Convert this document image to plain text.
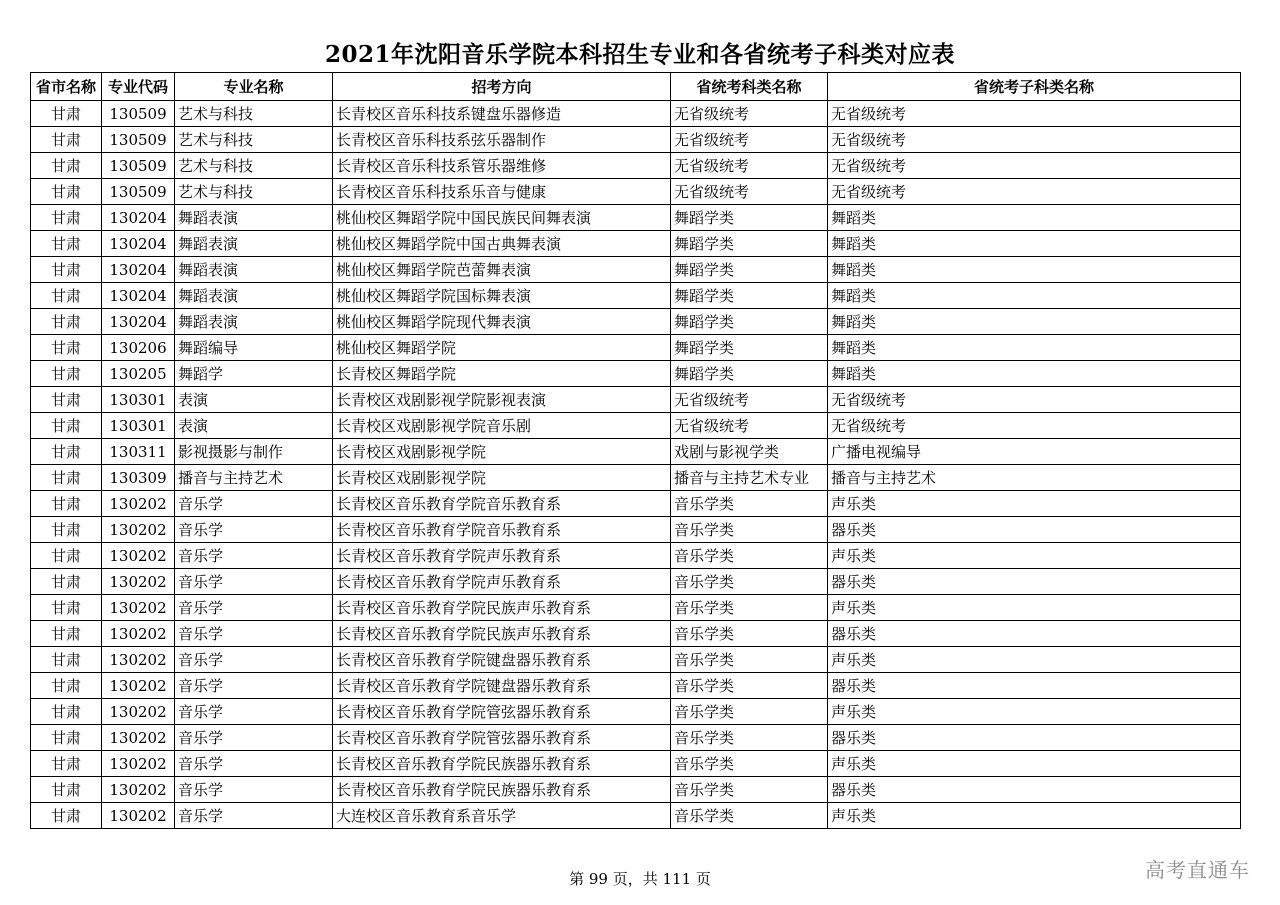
2021年沈阳音乐学院本科招生专业和各省统考子科类对应表
省市名称	专业代码	专业名称	招考方向	省统考科类名称	省统考子科类名称
甘肃	130509	艺术与科技	长青校区音乐科技系键盘乐器修造	无省级统考	无省级统考
甘肃	130509	艺术与科技	长青校区音乐科技系弦乐器制作	无省级统考	无省级统考
甘肃	130509	艺术与科技	长青校区音乐科技系管乐器维修	无省级统考	无省级统考
甘肃	130509	艺术与科技	长青校区音乐科技系乐音与健康	无省级统考	无省级统考
甘肃	130204	舞蹈表演	桃仙校区舞蹈学院中国民族民间舞表演	舞蹈学类	舞蹈类
甘肃	130204	舞蹈表演	桃仙校区舞蹈学院中国古典舞表演	舞蹈学类	舞蹈类
甘肃	130204	舞蹈表演	桃仙校区舞蹈学院芭蕾舞表演	舞蹈学类	舞蹈类
甘肃	130204	舞蹈表演	桃仙校区舞蹈学院国标舞表演	舞蹈学类	舞蹈类
甘肃	130204	舞蹈表演	桃仙校区舞蹈学院现代舞表演	舞蹈学类	舞蹈类
甘肃	130206	舞蹈编导	桃仙校区舞蹈学院	舞蹈学类	舞蹈类
甘肃	130205	舞蹈学	长青校区舞蹈学院	舞蹈学类	舞蹈类
甘肃	130301	表演	长青校区戏剧影视学院影视表演	无省级统考	无省级统考
甘肃	130301	表演	长青校区戏剧影视学院音乐剧	无省级统考	无省级统考
甘肃	130311	影视摄影与制作	长青校区戏剧影视学院	戏剧与影视学类	广播电视编导
甘肃	130309	播音与主持艺术	长青校区戏剧影视学院	播音与主持艺术专业	播音与主持艺术
甘肃	130202	音乐学	长青校区音乐教育学院音乐教育系	音乐学类	声乐类
甘肃	130202	音乐学	长青校区音乐教育学院音乐教育系	音乐学类	器乐类
甘肃	130202	音乐学	长青校区音乐教育学院声乐教育系	音乐学类	声乐类
甘肃	130202	音乐学	长青校区音乐教育学院声乐教育系	音乐学类	器乐类
甘肃	130202	音乐学	长青校区音乐教育学院民族声乐教育系	音乐学类	声乐类
甘肃	130202	音乐学	长青校区音乐教育学院民族声乐教育系	音乐学类	器乐类
甘肃	130202	音乐学	长青校区音乐教育学院键盘器乐教育系	音乐学类	声乐类
甘肃	130202	音乐学	长青校区音乐教育学院键盘器乐教育系	音乐学类	器乐类
甘肃	130202	音乐学	长青校区音乐教育学院管弦器乐教育系	音乐学类	声乐类
甘肃	130202	音乐学	长青校区音乐教育学院管弦器乐教育系	音乐学类	器乐类
甘肃	130202	音乐学	长青校区音乐教育学院民族器乐教育系	音乐学类	声乐类
甘肃	130202	音乐学	长青校区音乐教育学院民族器乐教育系	音乐学类	器乐类
甘肃	130202	音乐学	大连校区音乐教育系音乐学	音乐学类	声乐类
第 99 页，共 111 页	高考直通车
